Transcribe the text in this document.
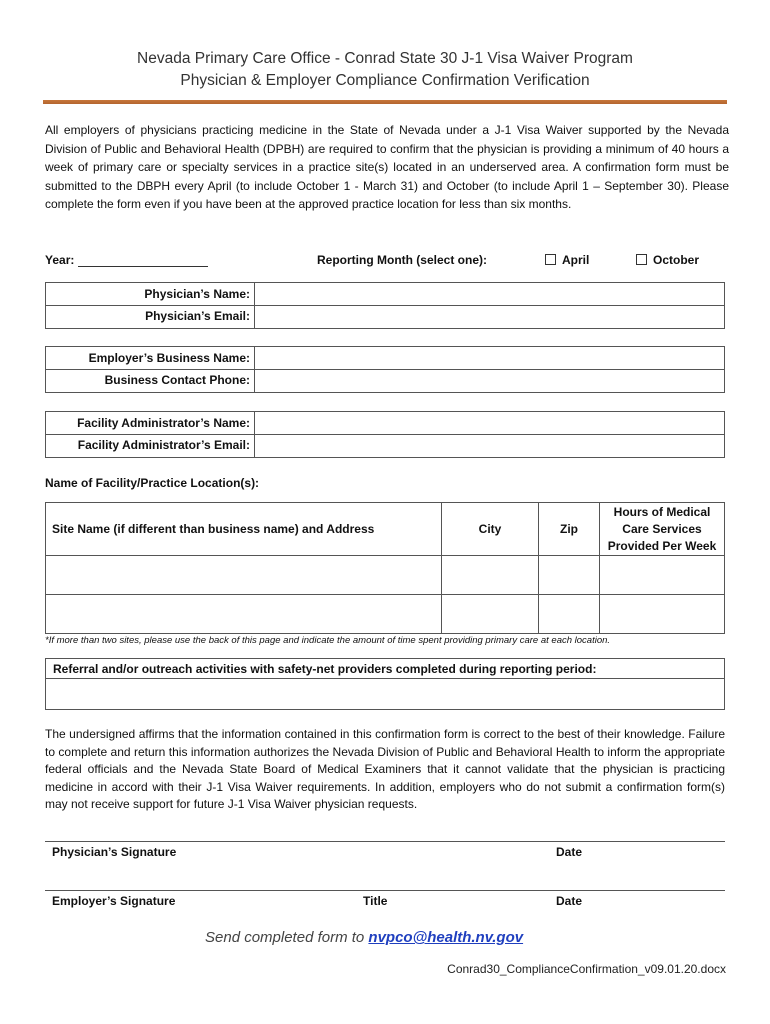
Nevada Primary Care Office - Conrad State 30 J-1 Visa Waiver Program
Physician & Employer Compliance Confirmation Verification
All employers of physicians practicing medicine in the State of Nevada under a J-1 Visa Waiver supported by the Nevada Division of Public and Behavioral Health (DPBH) are required to confirm that the physician is providing a minimum of 40 hours a week of primary care or specialty services in a practice site(s) located in an underserved area. A confirmation form must be submitted to the DBPH every April (to include October 1 - March 31) and October (to include April 1 – September 30). Please complete the form even if you have been at the approved practice location for less than six months.
Year:	Reporting Month (select one):	April	October
Physician’s Name:
Physician’s Email:
Employer’s Business Name:
Business Contact Phone:
Facility Administrator’s Name:
Facility Administrator’s Email:
Name of Facility/Practice Location(s):
Site Name (if different than business name) and Address	City	Zip	Hours of Medical Care Services Provided Per Week

*If more than two sites, please use the back of this page and indicate the amount of time spent providing primary care at each location.
Referral and/or outreach activities with safety-net providers completed during reporting period:
The undersigned affirms that the information contained in this confirmation form is correct to the best of their knowledge. Failure to complete and return this information authorizes the Nevada Division of Public and Behavioral Health to inform the appropriate federal officials and the Nevada State Board of Medical Examiners that it cannot validate that the physician is practicing medicine in accord with their J-1 Visa Waiver requirements. In addition, employers who do not submit a confirmation form(s) may not receive support for future J-1 Visa Waiver physician requests.
Physician’s Signature	Date
Employer’s Signature	Title	Date
Send completed form to nvpco@health.nv.gov
Conrad30_ComplianceConfirmation_v09.01.20.docx
